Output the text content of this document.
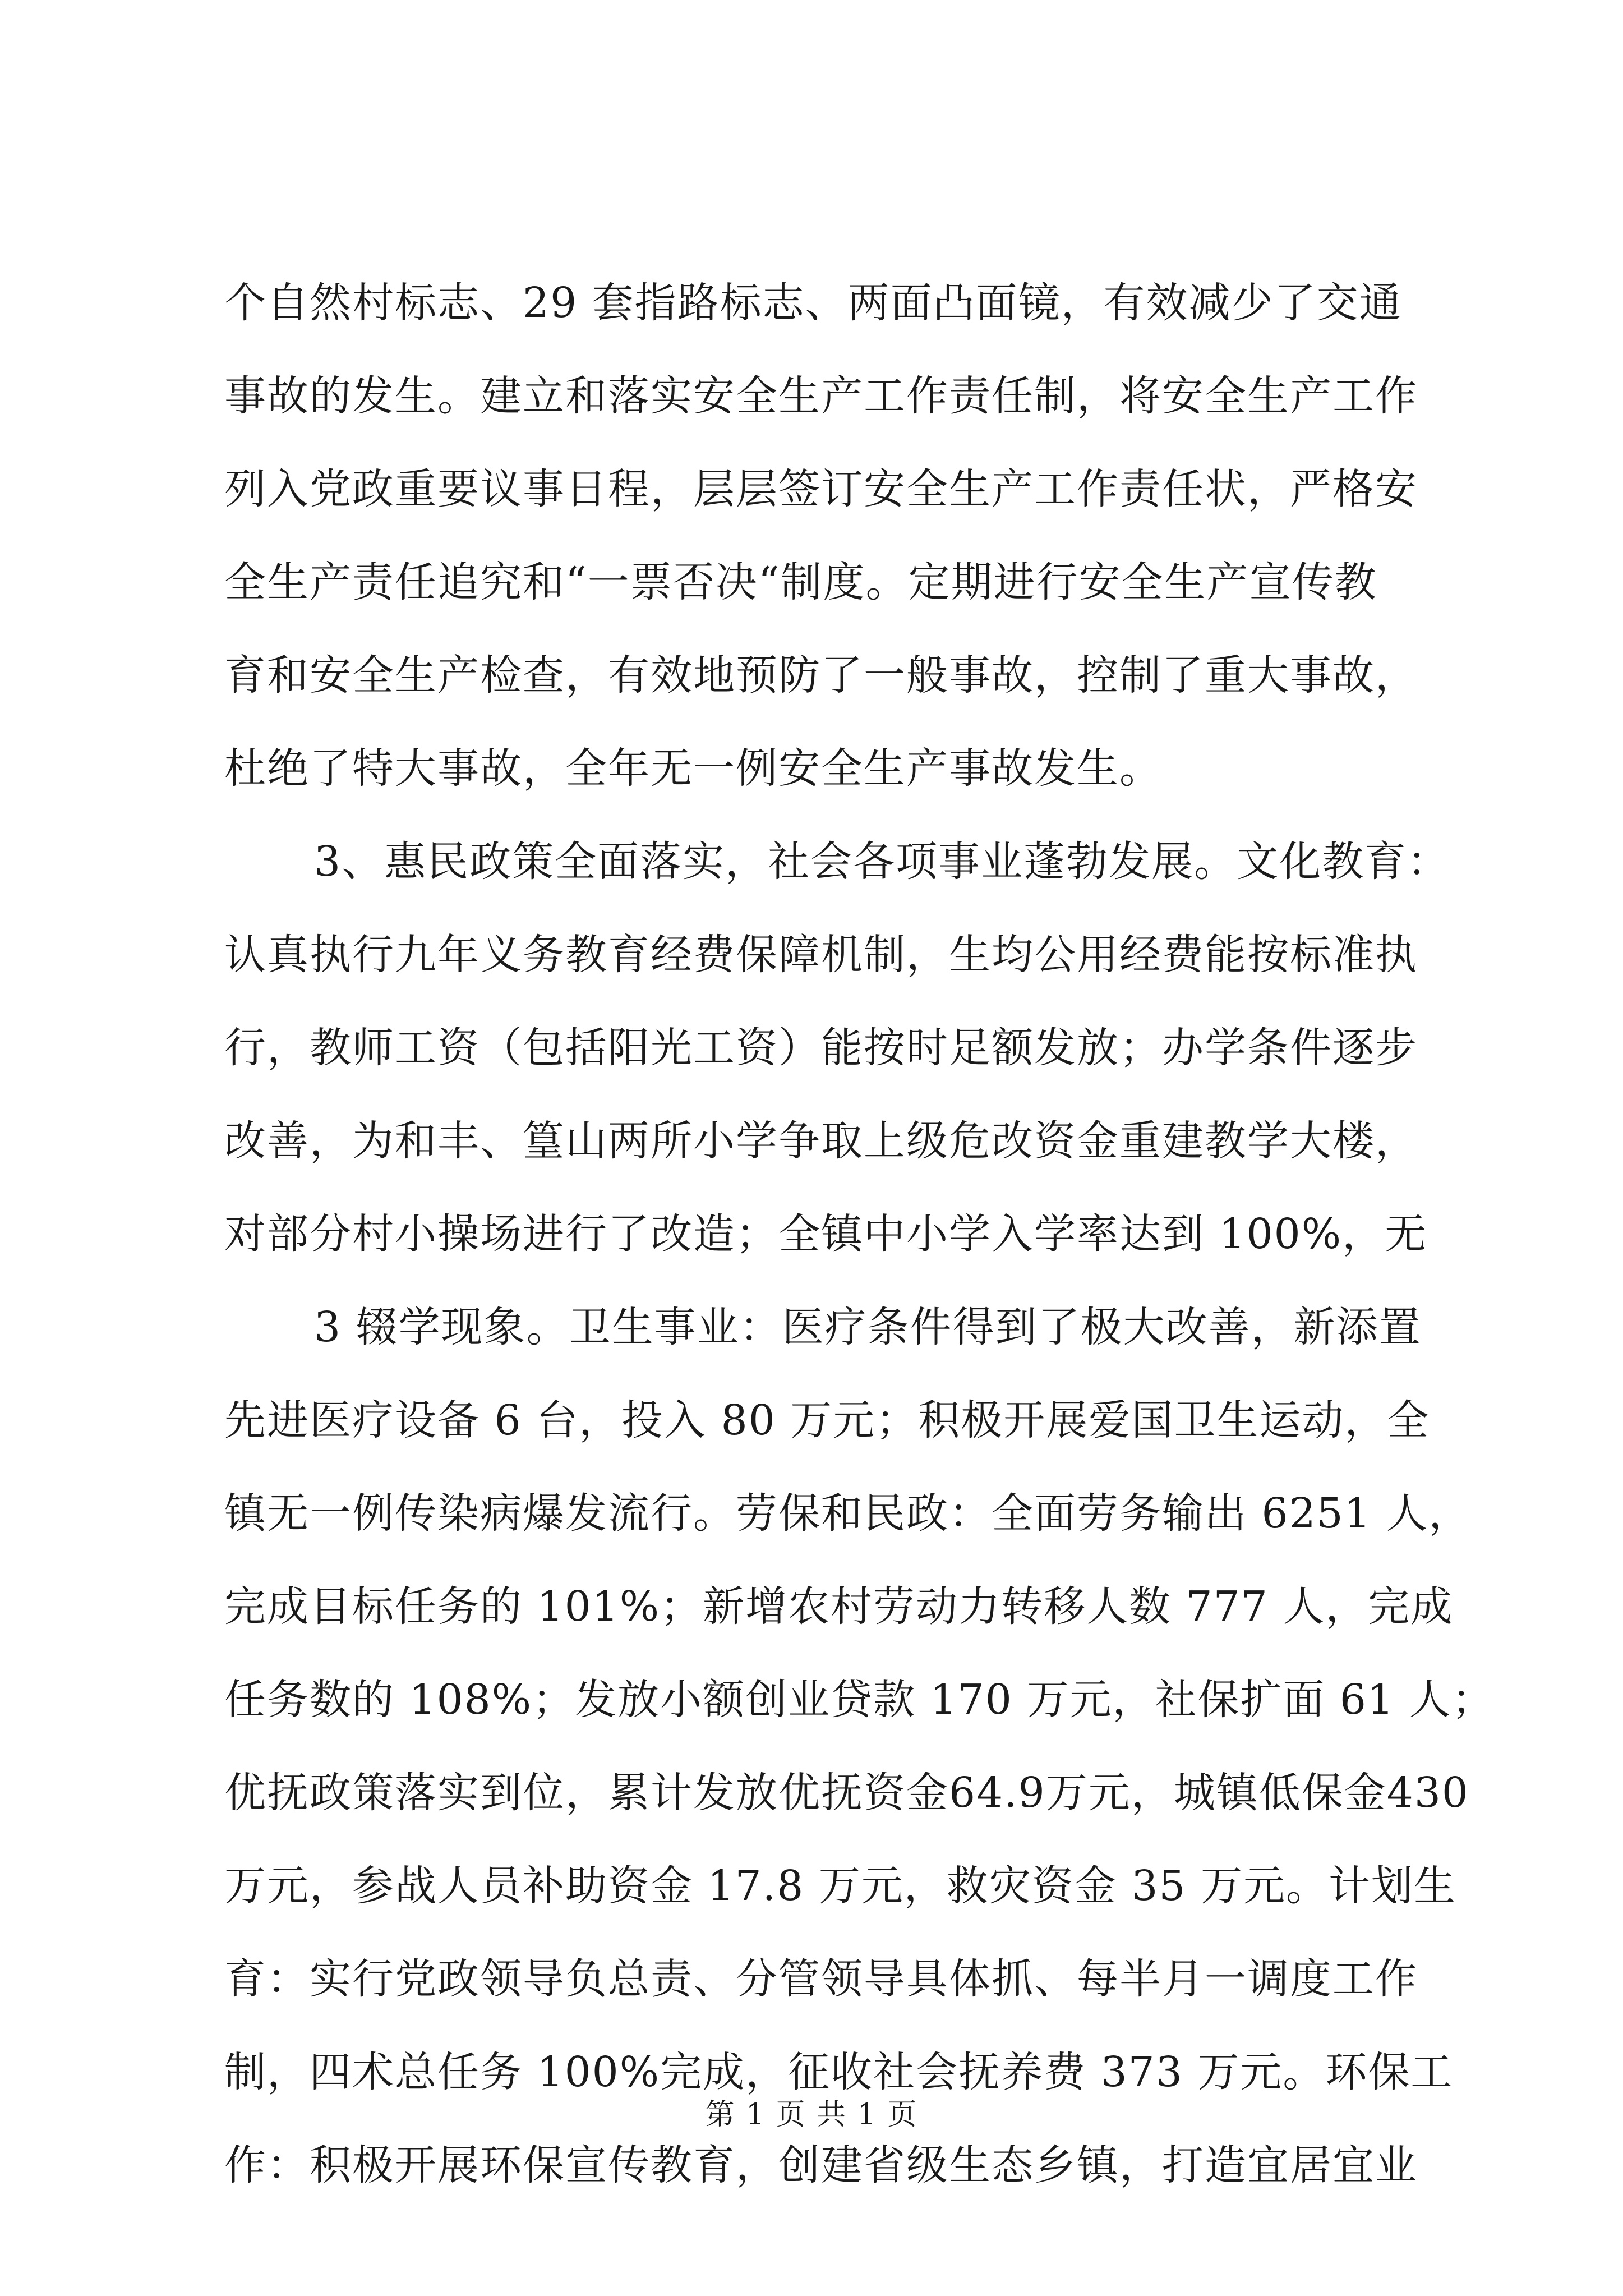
个自然村标志、29 套指路标志、两面凸面镜，有效减少了交通
事故的发生。建立和落实安全生产工作责任制，将安全生产工作
列入党政重要议事日程，层层签订安全生产工作责任状，严格安
全生产责任追究和“一票否决“制度。定期进行安全生产宣传教
育和安全生产检查，有效地预防了一般事故，控制了重大事故，
杜绝了特大事故，全年无一例安全生产事故发生。
3、惠民政策全面落实，社会各项事业蓬勃发展。文化教育：
认真执行九年义务教育经费保障机制，生均公用经费能按标准执
行，教师工资（包括阳光工资）能按时足额发放；办学条件逐步
改善，为和丰、篁山两所小学争取上级危改资金重建教学大楼，
对部分村小操场进行了改造；全镇中小学入学率达到 100%，无
3 辍学现象。卫生事业：医疗条件得到了极大改善，新添置
先进医疗设备 6 台，投入 80 万元；积极开展爱国卫生运动，全
镇无一例传染病爆发流行。劳保和民政：全面劳务输出 6251 人，
完成目标任务的 101%；新增农村劳动力转移人数 777 人，完成
任务数的 108%；发放小额创业贷款 170 万元，社保扩面 61 人；
优抚政策落实到位，累计发放优抚资金64.9万元，城镇低保金430
万元，参战人员补助资金 17.8 万元，救灾资金 35 万元。计划生
育：实行党政领导负总责、分管领导具体抓、每半月一调度工作
制，四术总任务 100%完成，征收社会抚养费 373 万元。环保工
作：积极开展环保宣传教育，创建省级生态乡镇，打造宜居宜业
第 1 页 共 1 页
